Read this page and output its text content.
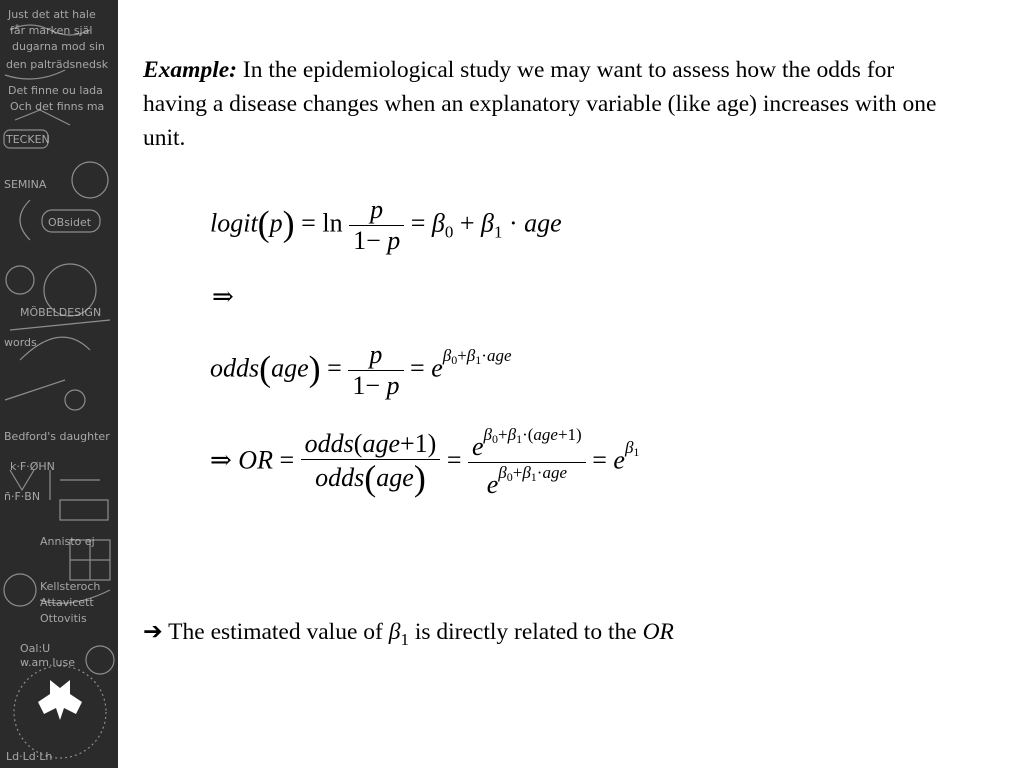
Just det att hale
får marken själ
dugarna mod sin
den palträdsnedsk
Det finne ou lada
Och det finns ma
TECKEN
SEMINA
OBsidet
MÖBELDESIGN
words
Bedford's daughter
k·F·ØHN
ñ·F·BN
Annisto ej
Kellsteroch
Attavicett
Ottovitis
Oal:U
w.am.luse
Ld·Ld·Lh
Example: In the epidemiological study we may want to assess how the odds for having a disease changes when an explanatory variable (like age) increases with one unit.
logit(p) = $\ln \frac{p}{1- p} = \beta_0 + \beta_1$ · age
⇒
odds(age) = $\frac{p}{1- p} = e^{\beta 0+\beta 1\cdot age}$
⇒ OR = $\frac{\text{odds(age+1)}}{\text{odds(age)}} = \frac{e^{\beta 0+\beta 1\cdot(age+1)}}{e^{\beta 0+\beta 1\cdot age}} = e^{\beta 1}$
➔ The estimated value of $\beta_1$ is directly related to the OR
